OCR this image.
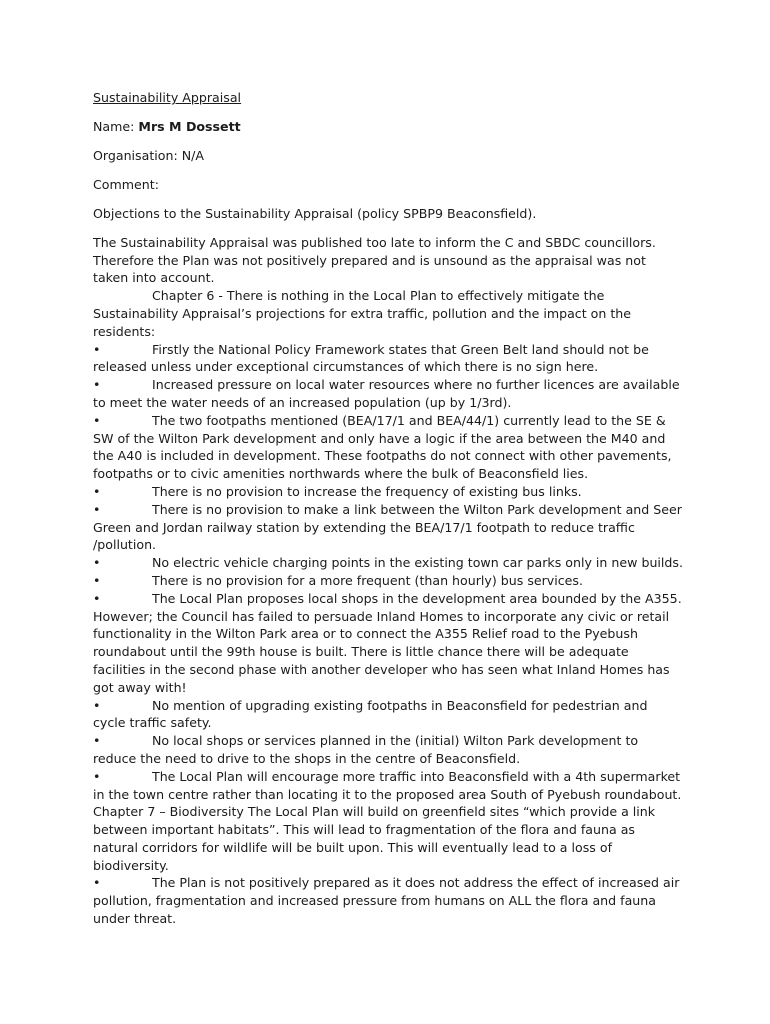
Sustainability Appraisal

Name: Mrs M Dossett

Organisation: N/A

Comment:

Objections to the Sustainability Appraisal (policy SPBP9 Beaconsfield).

The Sustainability Appraisal was published too late to inform the C and SBDC councillors. Therefore the Plan was not positively prepared and is unsound as the appraisal was not taken into account.

Chapter 6 - There is nothing in the Local Plan to effectively mitigate the Sustainability Appraisal’s projections for extra traffic, pollution and the impact on the residents:

•	Firstly the National Policy Framework states that Green Belt land should not be released unless under exceptional circumstances of which there is no sign here.

•	Increased pressure on local water resources where no further licences are available to meet the water needs of an increased population (up by 1/3rd).

•	The two footpaths mentioned (BEA/17/1 and BEA/44/1) currently lead to the SE & SW of the Wilton Park development and only have a logic if the area between the M40 and the A40 is included in development. These footpaths do not connect with other pavements, footpaths or to civic amenities northwards where the bulk of Beaconsfield lies.

•	There is no provision to increase the frequency of existing bus links.

•	There is no provision to make a link between the Wilton Park development and Seer Green and Jordan railway station by extending the BEA/17/1 footpath to reduce traffic /pollution.

•	No electric vehicle charging points in the existing town car parks only in new builds.

•	There is no provision for a more frequent (than hourly) bus services.

•	The Local Plan proposes local shops in the development area bounded by the A355. However; the Council has failed to persuade Inland Homes to incorporate any civic or retail functionality in the Wilton Park area or to connect the A355 Relief road to the Pyebush roundabout until the 99th house is built. There is little chance there will be adequate facilities in the second phase with another developer who has seen what Inland Homes has got away with!

•	No mention of upgrading existing footpaths in Beaconsfield for pedestrian and cycle traffic safety.

•	No local shops or services planned in the (initial) Wilton Park development to reduce the need to drive to the shops in the centre of Beaconsfield.

•	The Local Plan will encourage more traffic into Beaconsfield with a 4th supermarket in the town centre rather than locating it to the proposed area South of Pyebush roundabout.

Chapter 7 – Biodiversity The Local Plan will build on greenfield sites “which provide a link between important habitats”. This will lead to fragmentation of the flora and fauna as natural corridors for wildlife will be built upon. This will eventually lead to a loss of biodiversity.

•	The Plan is not positively prepared as it does not address the effect of increased air pollution, fragmentation and increased pressure from humans on ALL the flora and fauna under threat.
